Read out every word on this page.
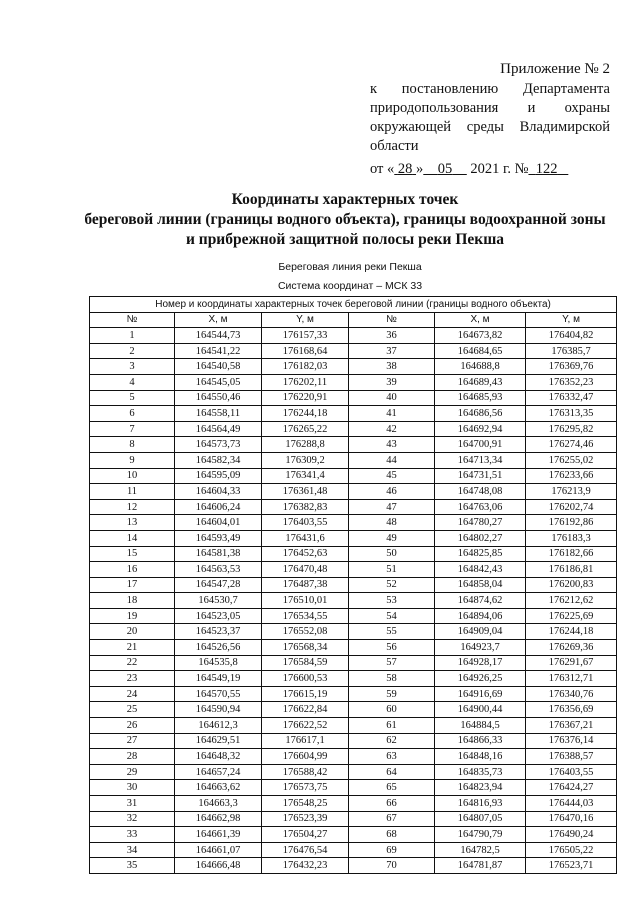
Приложение № 2
к постановлению Департамента
природопользования и охраны
окружающей среды Владимирской
области
от « 28 » 05 2021 г. № 122
Координаты характерных точек
береговой линии (границы водного объекта), границы водоохранной зоны
и прибрежной защитной полосы реки Пекша
Береговая линия реки Пекша
Система координат – МСК 33
Номер и координаты характерных точек береговой линии (границы водного объекта)					
№	X, м	Y, м	№	X, м	Y, м
1	164544,73	176157,33	36	164673,82	176404,82
2	164541,22	176168,64	37	164684,65	176385,7
3	164540,58	176182,03	38	164688,8	176369,76
4	164545,05	176202,11	39	164689,43	176352,23
5	164550,46	176220,91	40	164685,93	176332,47
6	164558,11	176244,18	41	164686,56	176313,35
7	164564,49	176265,22	42	164692,94	176295,82
8	164573,73	176288,8	43	164700,91	176274,46
9	164582,34	176309,2	44	164713,34	176255,02
10	164595,09	176341,4	45	164731,51	176233,66
11	164604,33	176361,48	46	164748,08	176213,9
12	164606,24	176382,83	47	164763,06	176202,74
13	164604,01	176403,55	48	164780,27	176192,86
14	164593,49	176431,6	49	164802,27	176183,3
15	164581,38	176452,63	50	164825,85	176182,66
16	164563,53	176470,48	51	164842,43	176186,81
17	164547,28	176487,38	52	164858,04	176200,83
18	164530,7	176510,01	53	164874,62	176212,62
19	164523,05	176534,55	54	164894,06	176225,69
20	164523,37	176552,08	55	164909,04	176244,18
21	164526,56	176568,34	56	164923,7	176269,36
22	164535,8	176584,59	57	164928,17	176291,67
23	164549,19	176600,53	58	164926,25	176312,71
24	164570,55	176615,19	59	164916,69	176340,76
25	164590,94	176622,84	60	164900,44	176356,69
26	164612,3	176622,52	61	164884,5	176367,21
27	164629,51	176617,1	62	164866,33	176376,14
28	164648,32	176604,99	63	164848,16	176388,57
29	164657,24	176588,42	64	164835,73	176403,55
30	164663,62	176573,75	65	164823,94	176424,27
31	164663,3	176548,25	66	164816,93	176444,03
32	164662,98	176523,39	67	164807,05	176470,16
33	164661,39	176504,27	68	164790,79	176490,24
34	164661,07	176476,54	69	164782,5	176505,22
35	164666,48	176432,23	70	164781,87	176523,71
